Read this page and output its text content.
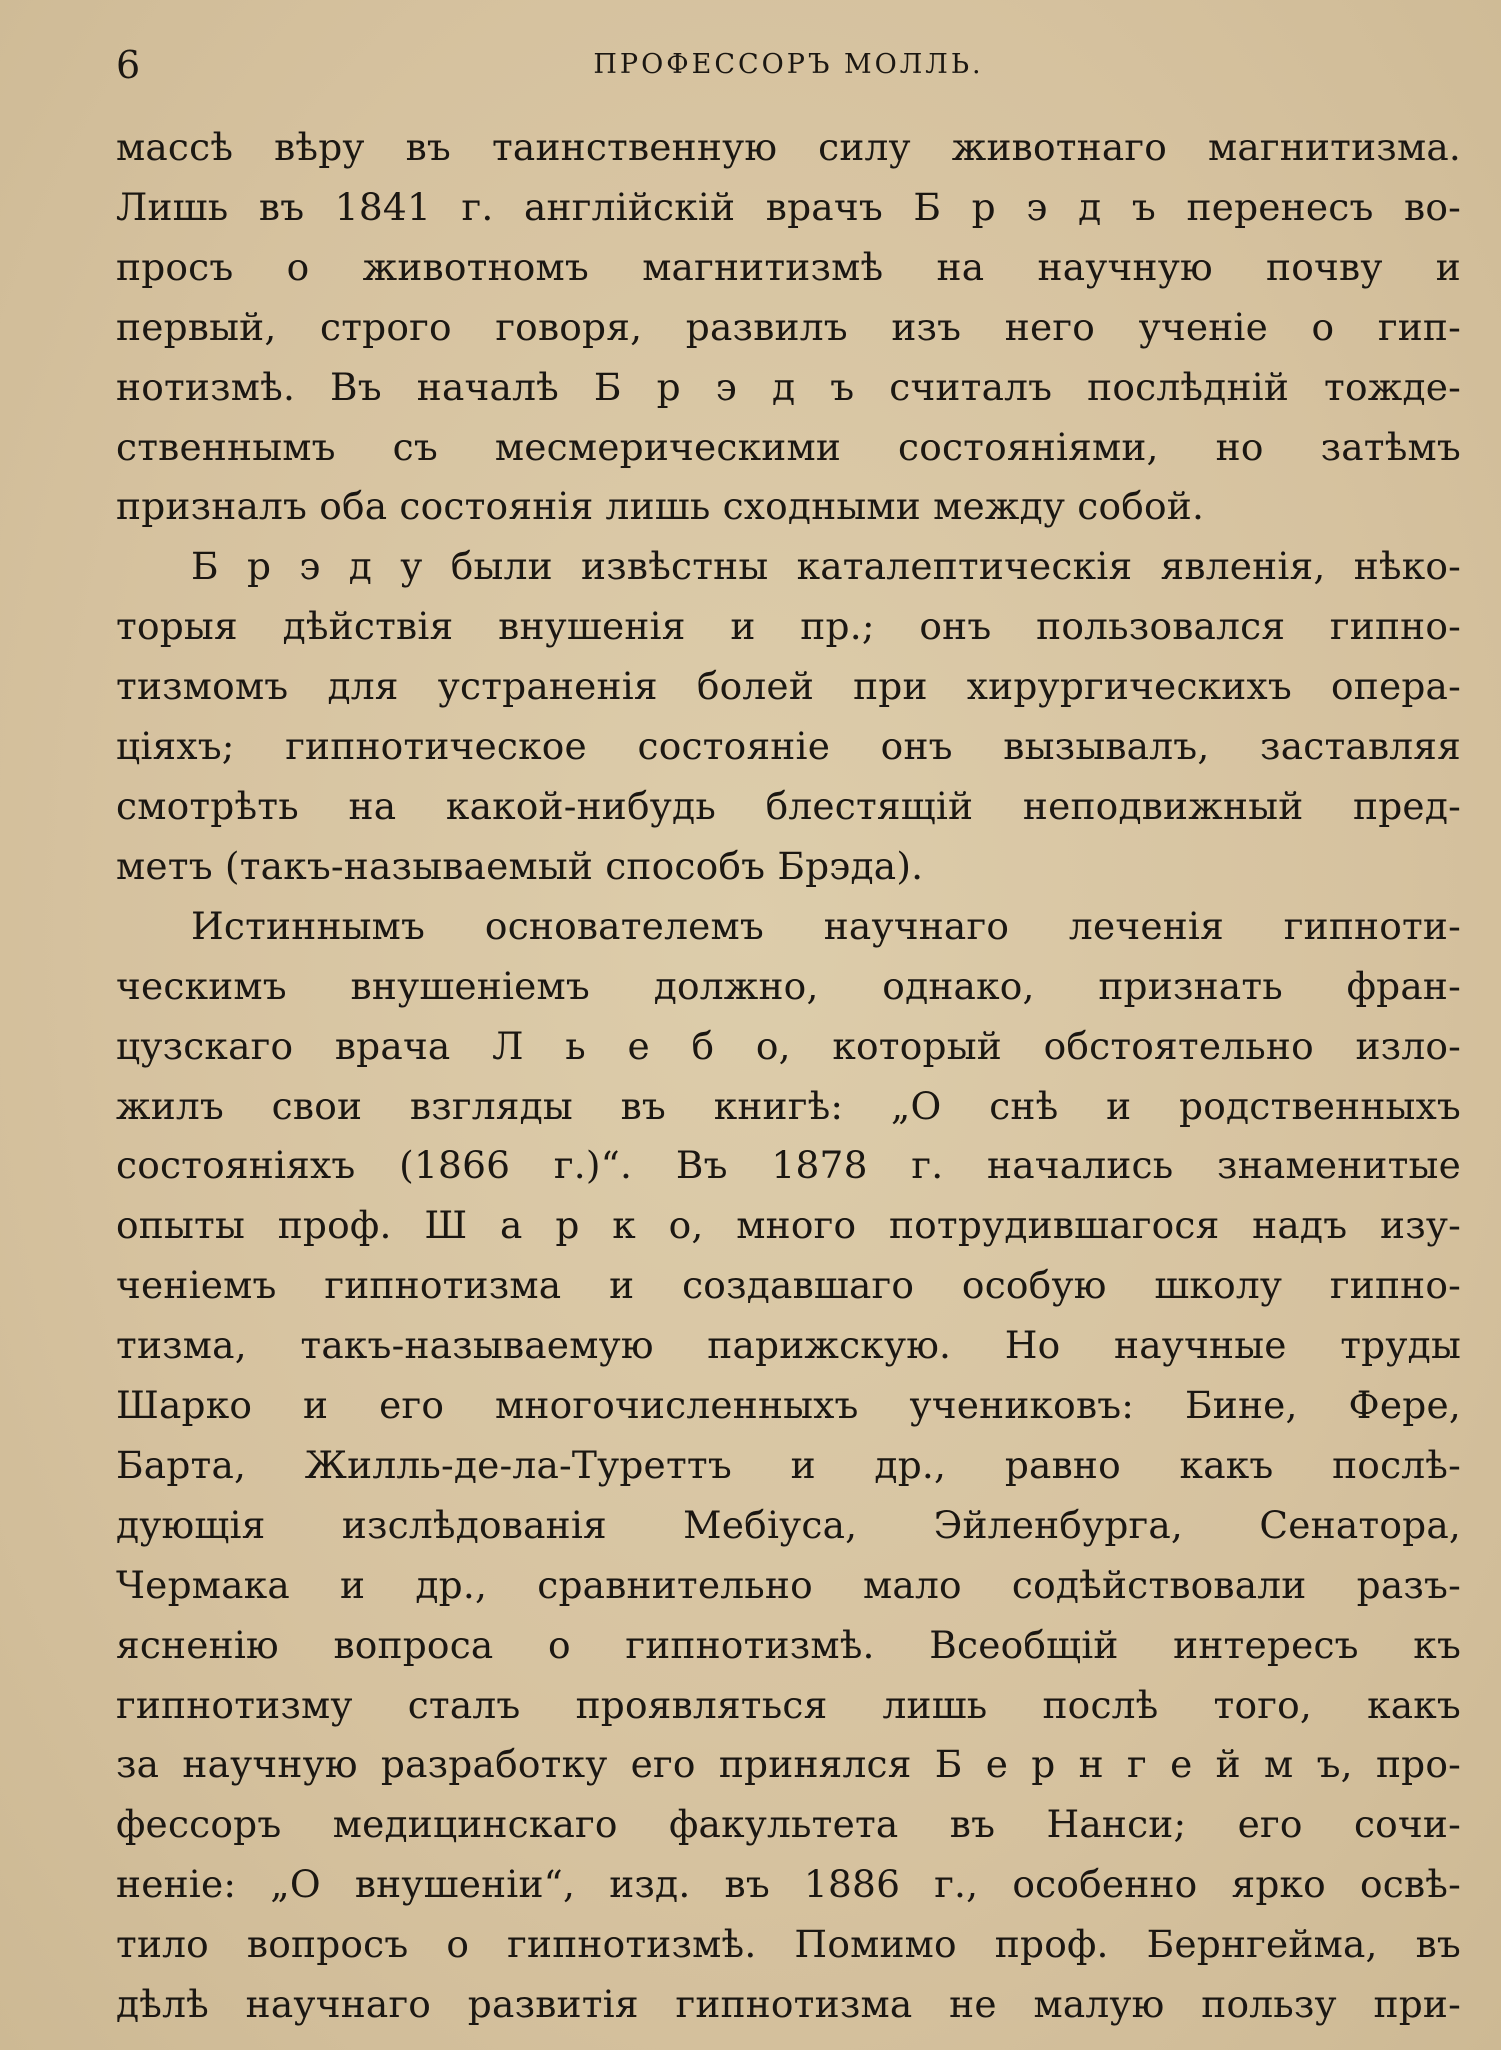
6	ПРОФЕССОРЪ МОЛЛЬ.
массѣ вѣру въ таинственную силу животнаго магнитизма.
Лишь въ 1841 г. англійскій врачъ Б р э д ъ перенесъ во-
просъ о животномъ магнитизмѣ на научную почву и
первый, строго говоря, развилъ изъ него ученіе о гип-
нотизмѣ. Въ началѣ Б р э д ъ считалъ послѣдній тожде-
ственнымъ съ месмерическими состояніями, но затѣмъ
призналъ оба состоянія лишь сходными между собой.
Б р э д у были извѣстны каталептическія явленія, нѣко-
торыя дѣйствія внушенія и пр.; онъ пользовался гипно-
тизмомъ для устраненія болей при хирургическихъ опера-
ціяхъ; гипнотическое состояніе онъ вызывалъ, заставляя
смотрѣть на какой-нибудь блестящій неподвижный пред-
метъ (такъ-называемый способъ Брэда).
Истиннымъ основателемъ научнаго леченія гипноти-
ческимъ внушеніемъ должно, однако, признать фран-
цузскаго врача Л ь е б о, который обстоятельно изло-
жилъ свои взгляды въ книгѣ: „О снѣ и родственныхъ
состояніяхъ (1866 г.)“. Въ 1878 г. начались знаменитые
опыты проф. Ш а р к о, много потрудившагося надъ изу-
ченіемъ гипнотизма и создавшаго особую школу гипно-
тизма, такъ-называемую парижскую. Но научные труды
Шарко и его многочисленныхъ учениковъ: Бине, Фере,
Барта, Жилль-де-ла-Туреттъ и др., равно какъ послѣ-
дующія изслѣдованія Мебіуса, Эйленбурга, Сенатора,
Чермака и др., сравнительно мало содѣйствовали разъ-
ясненію вопроса о гипнотизмѣ. Всеобщій интересъ къ
гипнотизму сталъ проявляться лишь послѣ того, какъ
за научную разработку его принялся Б е р н г е й м ъ, про-
фессоръ медицинскаго факультета въ Нанси; его сочи-
неніе: „О внушеніи“, изд. въ 1886 г., особенно ярко освѣ-
тило вопросъ о гипнотизмѣ. Помимо проф. Бернгейма, въ
дѣлѣ научнаго развитія гипнотизма не малую пользу при-
